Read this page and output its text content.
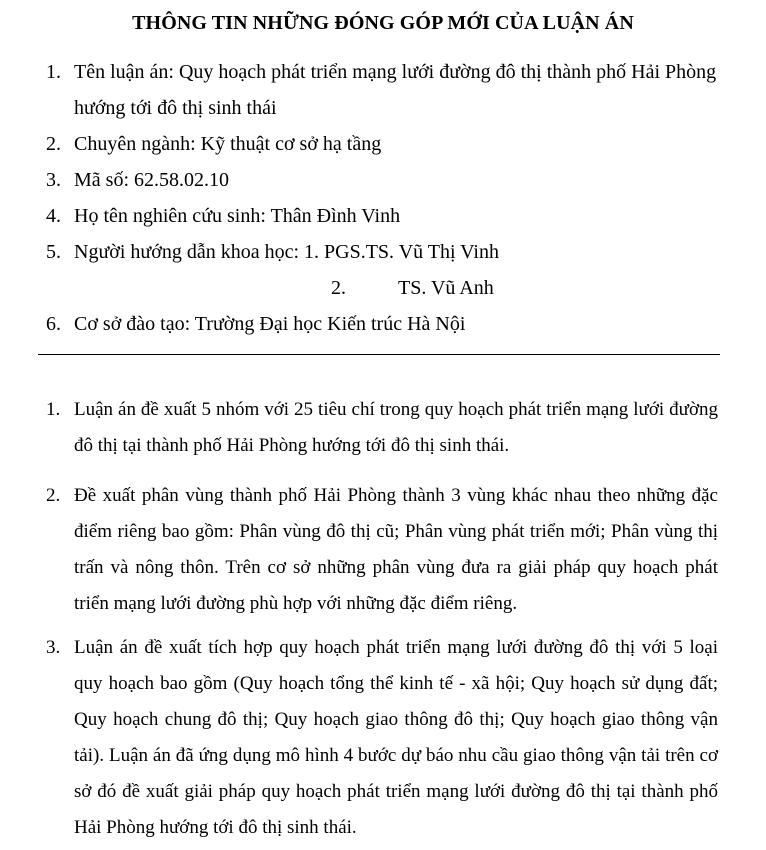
THÔNG TIN NHỮNG ĐÓNG GÓP MỚI CỦA LUẬN ÁN
1. Tên luận án: Quy hoạch phát triển mạng lưới đường đô thị thành phố Hải Phòng hướng tới đô thị sinh thái
2. Chuyên ngành: Kỹ thuật cơ sở hạ tầng
3. Mã số: 62.58.02.10
4. Họ tên nghiên cứu sinh: Thân Đình Vinh
5. Người hướng dẫn khoa học: 1. PGS.TS. Vũ Thị Vinh
2.	TS. Vũ Anh
6. Cơ sở đào tạo: Trường Đại học Kiến trúc Hà Nội
1. Luận án đề xuất 5 nhóm với 25 tiêu chí trong quy hoạch phát triển mạng lưới đường đô thị tại thành phố Hải Phòng hướng tới đô thị sinh thái.
2. Đề xuất phân vùng thành phố Hải Phòng thành 3 vùng khác nhau theo những đặc điểm riêng bao gồm: Phân vùng đô thị cũ; Phân vùng phát triển mới; Phân vùng thị trấn và nông thôn. Trên cơ sở những phân vùng đưa ra giải pháp quy hoạch phát triển mạng lưới đường phù hợp với những đặc điểm riêng.
3. Luận án đề xuất tích hợp quy hoạch phát triển mạng lưới đường đô thị với 5 loại quy hoạch bao gồm (Quy hoạch tổng thể kinh tế - xã hội; Quy hoạch sử dụng đất; Quy hoạch chung đô thị; Quy hoạch giao thông đô thị; Quy hoạch giao thông vận tải). Luận án đã ứng dụng mô hình 4 bước dự báo nhu cầu giao thông vận tải trên cơ sở đó đề xuất giải pháp quy hoạch phát triển mạng lưới đường đô thị tại thành phố Hải Phòng hướng tới đô thị sinh thái.
